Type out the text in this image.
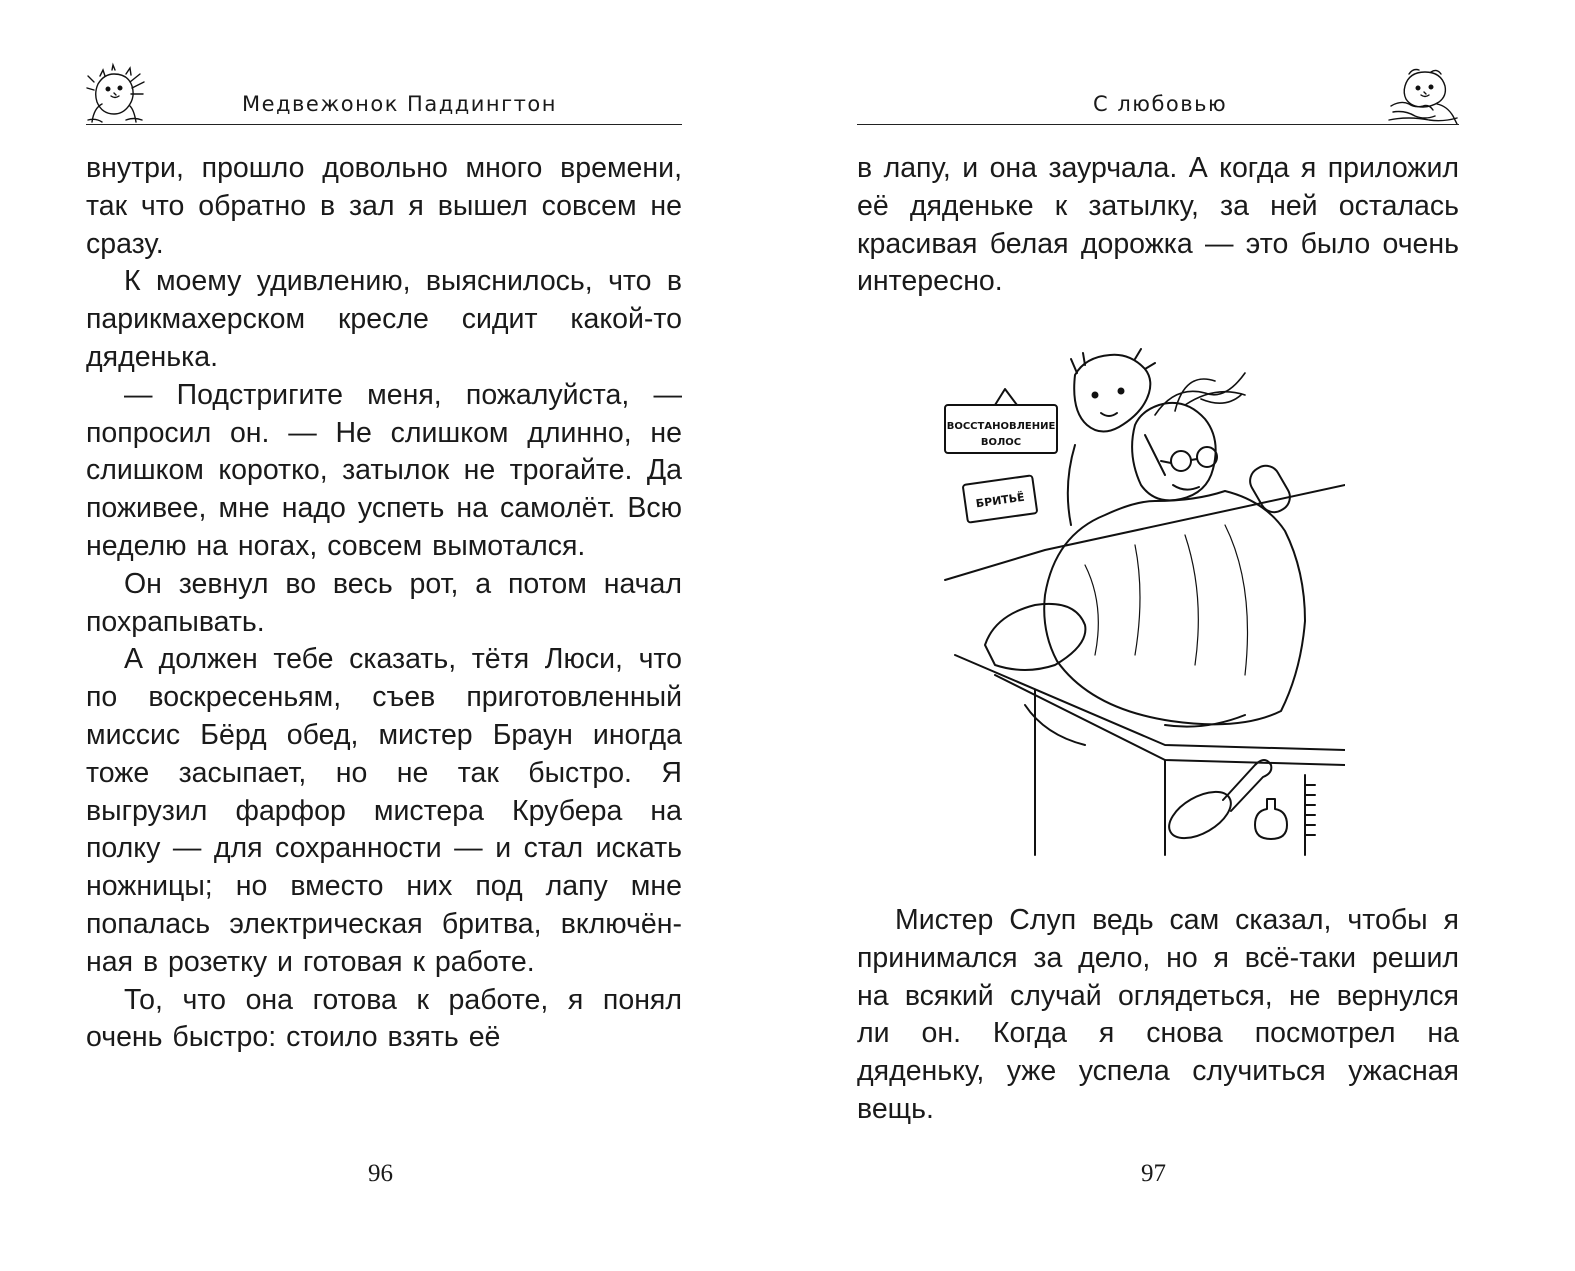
Медвежонок Паддингтон

внутри, прошло довольно много времени, так что обратно в зал я вышел совсем не сразу.

К моему удивлению, выяснилось, что в парикмахерском кресле сидит какой-то дяденька.

— Подстригите меня, пожалуйста, — попросил он. — Не слишком длинно, не слишком коротко, затылок не трогайте. Да поживее, мне надо успеть на самолёт. Всю неделю на ногах, совсем вымотался.

Он зевнул во весь рот, а потом начал похрапывать.

А должен тебе сказать, тётя Люси, что по воскресеньям, съев приготовленный миссис Бёрд обед, мистер Браун иногда тоже засыпает, но не так быстро. Я выгрузил фарфор мистера Крубера на полку — для сохранности — и стал искать ножницы; но вместо них под лапу мне попалась электрическая бритва, включённая в розетку и готовая к работе.

То, что она готова к работе, я понял очень быстро: стоило взять её

96
С любовью

в лапу, и она заурчала. А когда я приложил её дяденьке к затылку, за ней осталась красивая белая дорожка — это было очень интересно.

ВОССТАНОВЛЕНИЕ
ВОЛОС
БРИТЬЁ

Мистер Слуп ведь сам сказал, чтобы я принимался за дело, но я всё-таки решил на всякий случай оглядеться, не вернулся ли он. Когда я снова посмотрел на дяденьку, уже успела случиться ужасная вещь.

97
